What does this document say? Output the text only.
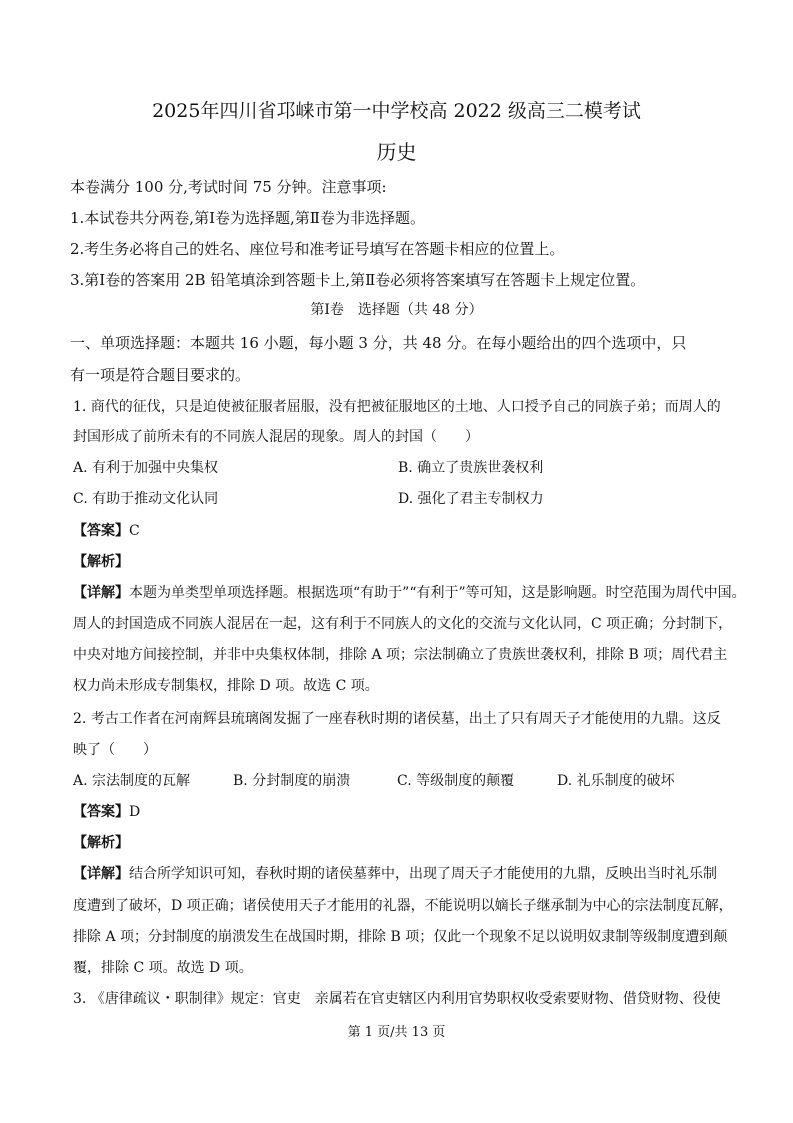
2025年四川省邛崃市第一中学校高 2022 级高三二模考试
历史
本卷满分 100 分,考试时间 75 分钟。注意事项:
1.本试卷共分两卷,第Ⅰ卷为选择题,第Ⅱ卷为非选择题。
2.考生务必将自己的姓名、座位号和准考证号填写在答题卡相应的位置上。
3.第Ⅰ卷的答案用 2B 铅笔填涂到答题卡上,第Ⅱ卷必须将答案填写在答题卡上规定位置。
第Ⅰ卷　选择题（共 48 分）
一、单项选择题：本题共 16 小题，每小题 3 分，共 48 分。在每小题给出的四个选项中，只
有一项是符合题目要求的。
1. 商代的征伐，只是迫使被征服者屈服，没有把被征服地区的土地、人口授予自己的同族子弟；而周人的
封国形成了前所未有的不同族人混居的现象。周人的封国（　　）
A. 有利于加强中央集权	B. 确立了贵族世袭权利
C. 有助于推动文化认同	D. 强化了君主专制权力
【答案】C
【解析】
【详解】本题为单类型单项选择题。根据选项“有助于”“有利于”等可知，这是影响题。时空范围为周代中国。
周人的封国造成不同族人混居在一起，这有利于不同族人的文化的交流与文化认同，C 项正确；分封制下，
中央对地方间接控制，并非中央集权体制，排除 A 项；宗法制确立了贵族世袭权利，排除 B 项；周代君主
权力尚未形成专制集权，排除 D 项。故选 C 项。
2. 考古工作者在河南辉县琉璃阁发掘了一座春秋时期的诸侯墓，出土了只有周天子才能使用的九鼎。这反
映了（　　）
A. 宗法制度的瓦解	B. 分封制度的崩溃	C. 等级制度的颠覆	D. 礼乐制度的破坏
【答案】D
【解析】
【详解】结合所学知识可知，春秋时期的诸侯墓葬中，出现了周天子才能使用的九鼎，反映出当时礼乐制
度遭到了破坏，D 项正确；诸侯使用天子才能用的礼器，不能说明以嫡长子继承制为中心的宗法制度瓦解，
排除 A 项；分封制度的崩溃发生在战国时期，排除 B 项；仅此一个现象不足以说明奴隶制等级制度遭到颠
覆，排除 C 项。故选 D 项。
3. 《唐律疏议・职制律》规定：官吏　亲属若在官吏辖区内利用官势职权收受索要财物、借贷财物、役使
第 1 页/共 13 页
